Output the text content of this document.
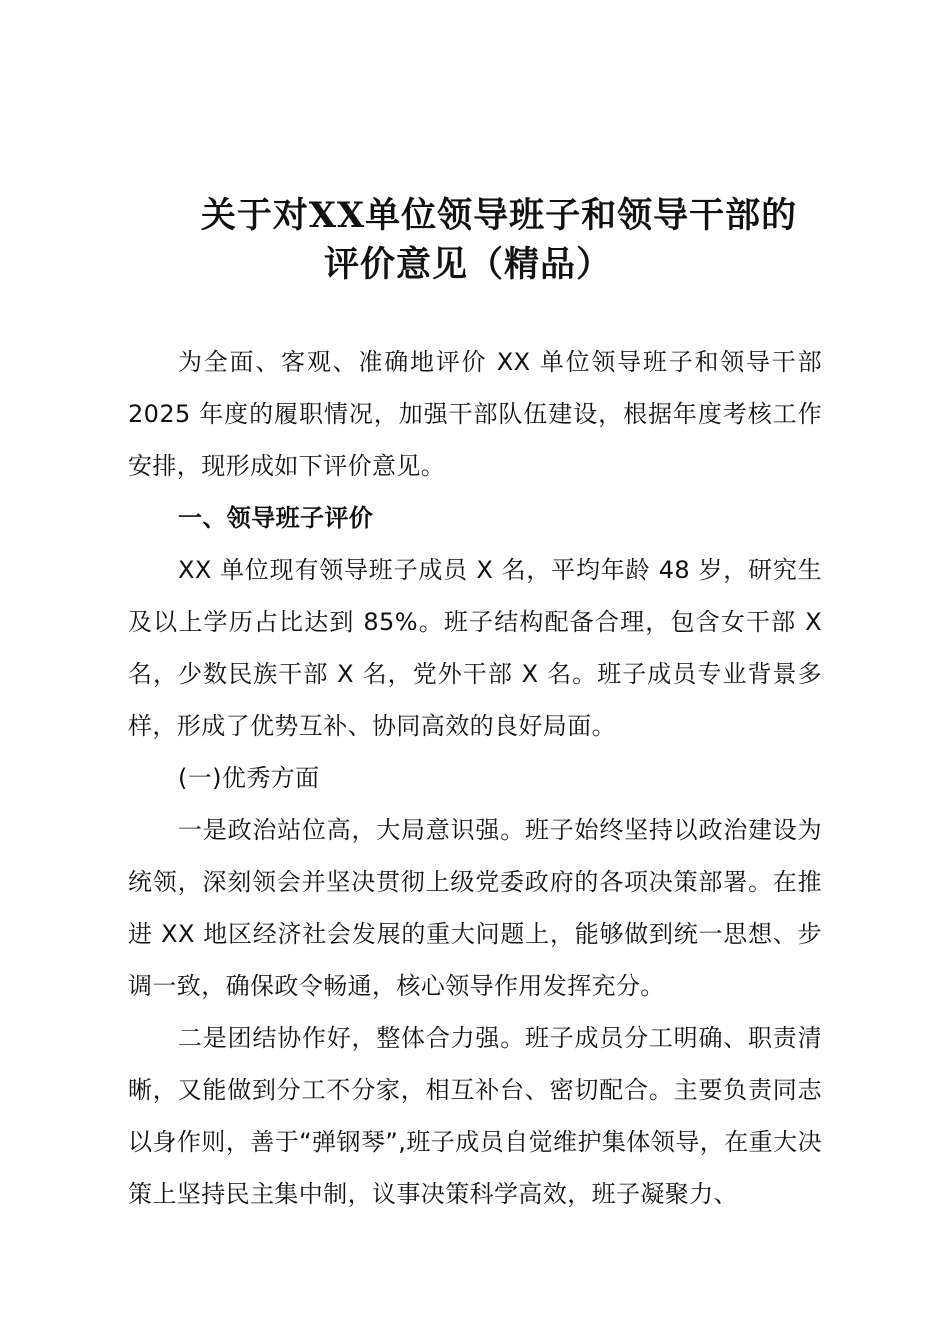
关于对XX单位领导班子和领导干部的
评价意见（精品）

为全面、客观、准确地评价 XX 单位领导班子和领导干部 2025 年度的履职情况，加强干部队伍建设，根据年度考核工作安排，现形成如下评价意见。

一、领导班子评价

XX 单位现有领导班子成员 X 名，平均年龄 48 岁，研究生及以上学历占比达到 85%。班子结构配备合理，包含女干部 X 名，少数民族干部 X 名，党外干部 X 名。班子成员专业背景多样，形成了优势互补、协同高效的良好局面。

(一)优秀方面

一是政治站位高，大局意识强。班子始终坚持以政治建设为统领，深刻领会并坚决贯彻上级党委政府的各项决策部署。在推进 XX 地区经济社会发展的重大问题上，能够做到统一思想、步调一致，确保政令畅通，核心领导作用发挥充分。

二是团结协作好，整体合力强。班子成员分工明确、职责清晰，又能做到分工不分家，相互补台、密切配合。主要负责同志以身作则，善于“弹钢琴”,班子成员自觉维护集体领导，在重大决策上坚持民主集中制，议事决策科学高效，班子凝聚力、
